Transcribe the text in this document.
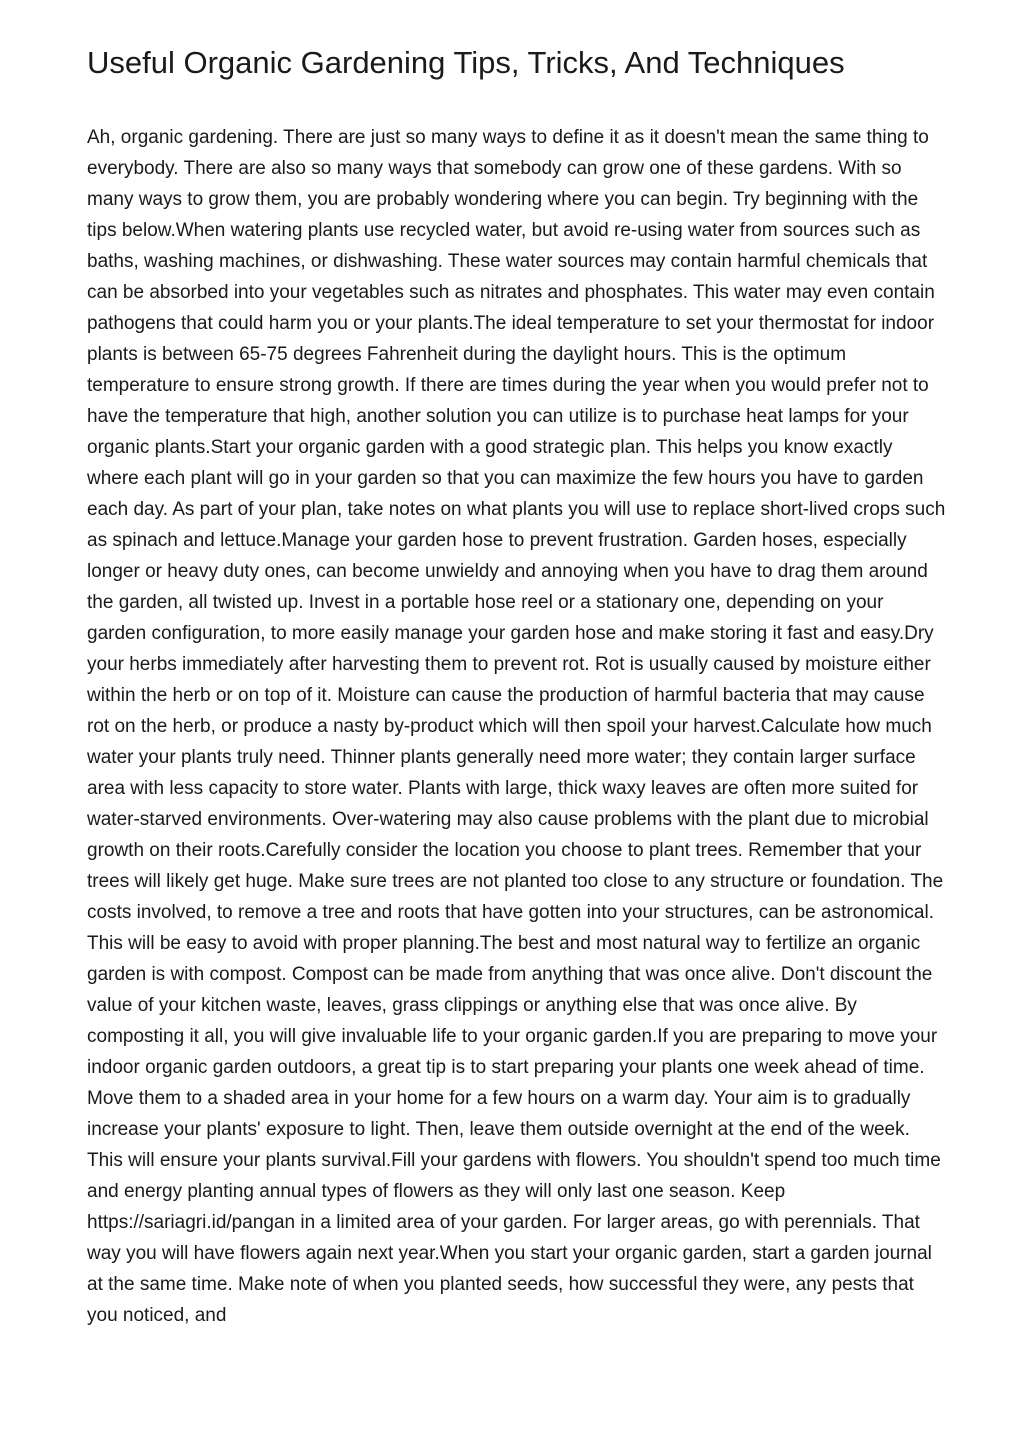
Useful Organic Gardening Tips, Tricks, And Techniques

Ah, organic gardening. There are just so many ways to define it as it doesn't mean the same thing to everybody. There are also so many ways that somebody can grow one of these gardens. With so many ways to grow them, you are probably wondering where you can begin. Try beginning with the tips below.When watering plants use recycled water, but avoid re-using water from sources such as baths, washing machines, or dishwashing. These water sources may contain harmful chemicals that can be absorbed into your vegetables such as nitrates and phosphates. This water may even contain pathogens that could harm you or your plants.The ideal temperature to set your thermostat for indoor plants is between 65-75 degrees Fahrenheit during the daylight hours. This is the optimum temperature to ensure strong growth. If there are times during the year when you would prefer not to have the temperature that high, another solution you can utilize is to purchase heat lamps for your organic plants.Start your organic garden with a good strategic plan. This helps you know exactly where each plant will go in your garden so that you can maximize the few hours you have to garden each day. As part of your plan, take notes on what plants you will use to replace short-lived crops such as spinach and lettuce.Manage your garden hose to prevent frustration. Garden hoses, especially longer or heavy duty ones, can become unwieldy and annoying when you have to drag them around the garden, all twisted up. Invest in a portable hose reel or a stationary one, depending on your garden configuration, to more easily manage your garden hose and make storing it fast and easy.Dry your herbs immediately after harvesting them to prevent rot. Rot is usually caused by moisture either within the herb or on top of it. Moisture can cause the production of harmful bacteria that may cause rot on the herb, or produce a nasty by-product which will then spoil your harvest.Calculate how much water your plants truly need. Thinner plants generally need more water; they contain larger surface area with less capacity to store water. Plants with large, thick waxy leaves are often more suited for water-starved environments. Over-watering may also cause problems with the plant due to microbial growth on their roots.Carefully consider the location you choose to plant trees. Remember that your trees will likely get huge. Make sure trees are not planted too close to any structure or foundation. The costs involved, to remove a tree and roots that have gotten into your structures, can be astronomical. This will be easy to avoid with proper planning.The best and most natural way to fertilize an organic garden is with compost. Compost can be made from anything that was once alive. Don't discount the value of your kitchen waste, leaves, grass clippings or anything else that was once alive. By composting it all, you will give invaluable life to your organic garden.If you are preparing to move your indoor organic garden outdoors, a great tip is to start preparing your plants one week ahead of time. Move them to a shaded area in your home for a few hours on a warm day. Your aim is to gradually increase your plants' exposure to light. Then, leave them outside overnight at the end of the week. This will ensure your plants survival.Fill your gardens with flowers. You shouldn't spend too much time and energy planting annual types of flowers as they will only last one season. Keep https://sariagri.id/pangan in a limited area of your garden. For larger areas, go with perennials. That way you will have flowers again next year.When you start your organic garden, start a garden journal at the same time. Make note of when you planted seeds, how successful they were, any pests that you noticed, and
